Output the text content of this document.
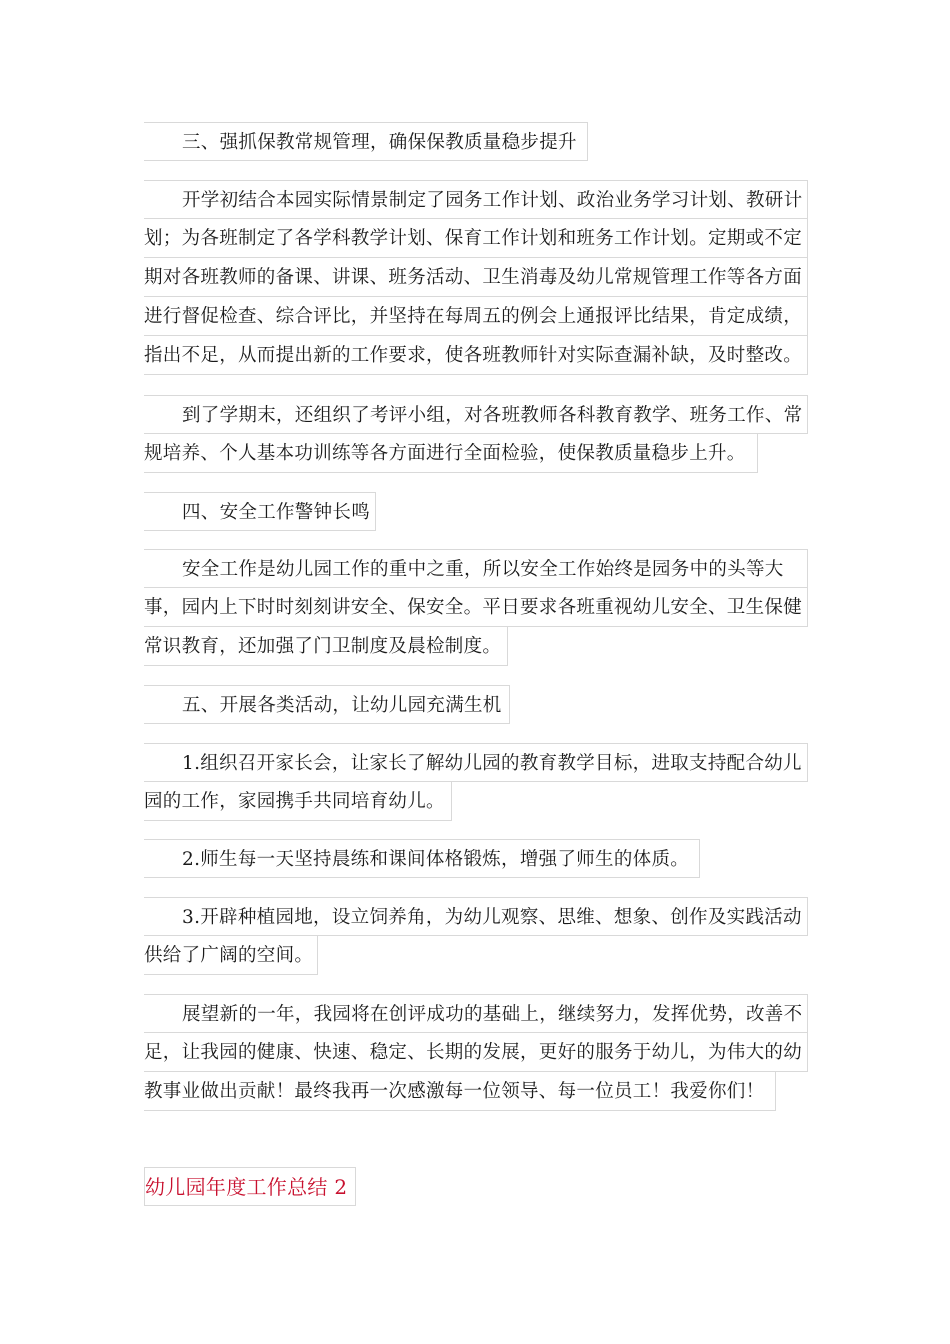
三、强抓保教常规管理，确保保教质量稳步提升
开学初结合本园实际情景制定了园务工作计划、政治业务学习计划、教研计
划；为各班制定了各学科教学计划、保育工作计划和班务工作计划。定期或不定
期对各班教师的备课、讲课、班务活动、卫生消毒及幼儿常规管理工作等各方面
进行督促检查、综合评比，并坚持在每周五的例会上通报评比结果，肯定成绩，
指出不足，从而提出新的工作要求，使各班教师针对实际查漏补缺，及时整改。
到了学期末，还组织了考评小组，对各班教师各科教育教学、班务工作、常
规培养、个人基本功训练等各方面进行全面检验，使保教质量稳步上升。
四、安全工作警钟长鸣
安全工作是幼儿园工作的重中之重，所以安全工作始终是园务中的头等大
事，园内上下时时刻刻讲安全、保安全。平日要求各班重视幼儿安全、卫生保健
常识教育，还加强了门卫制度及晨检制度。
五、开展各类活动，让幼儿园充满生机
1.组织召开家长会，让家长了解幼儿园的教育教学目标，进取支持配合幼儿
园的工作，家园携手共同培育幼儿。
2.师生每一天坚持晨练和课间体格锻炼，增强了师生的体质。
3.开辟种植园地，设立饲养角，为幼儿观察、思维、想象、创作及实践活动
供给了广阔的空间。
展望新的一年，我园将在创评成功的基础上，继续努力，发挥优势，改善不
足，让我园的健康、快速、稳定、长期的发展，更好的服务于幼儿，为伟大的幼
教事业做出贡献！最终我再一次感激每一位领导、每一位员工！我爱你们！
幼儿园年度工作总结 2
